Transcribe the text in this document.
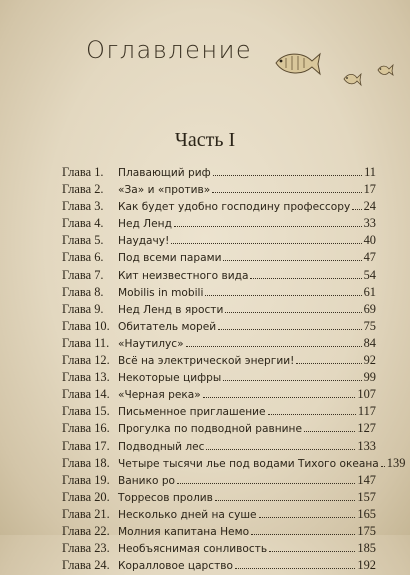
Оглавление
Часть I
Глава 1.	Плавающий риф	11
Глава 2.	«За» и «против»	17
Глава 3.	Как будет удобно господину профессору 24
Глава 4.	Нед Ленд	33
Глава 5.	Наудачу!	40
Глава 6.	Под всеми парами	47
Глава 7.	Кит неизвестного вида	54
Глава 8.	Mobilis in mobili	61
Глава 9.	Нед Ленд в ярости	69
Глава 10. Обитатель морей	75
Глава 11. «Наутилус»	84
Глава 12. Всё на электрической энергии!	92
Глава 13. Некоторые цифры	99
Глава 14. «Черная река»	107
Глава 15. Письменное приглашение	117
Глава 16. Прогулка по подводной равнине	127
Глава 17. Подводный лес	133
Глава 18. Четыре тысячи лье под водами Тихого океана 139
Глава 19. Ванико ро	147
Глава 20. Торресов пролив	157
Глава 21. Несколько дней на суше	165
Глава 22. Молния капитана Немо	175
Глава 23. Необъяснимая сонливость	185
Глава 24. Коралловое царство	192
